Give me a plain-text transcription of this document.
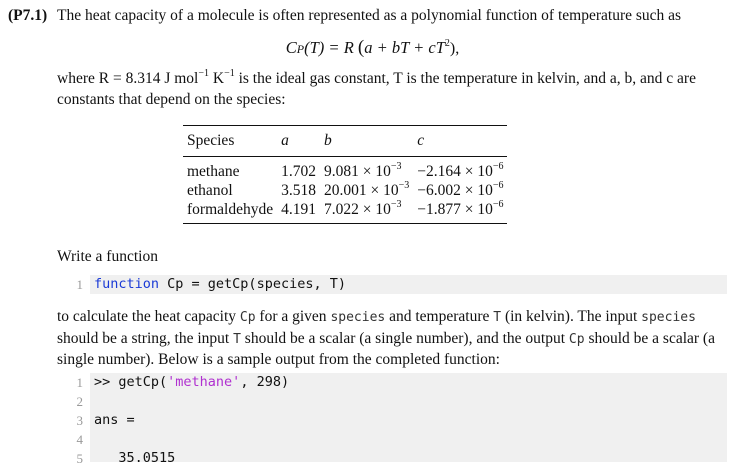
(P7.1) The heat capacity of a molecule is often represented as a polynomial function of temperature such as
CP(T) = R (a + bT + $cT^2$),
where R = 8.314 J mol$^{-1}$ $K^{-1}$ is the ideal gas constant, T is the temperature in kelvin, and a, b, and c are
constants that depend on the species:
Species	a	b	c
methane	1.702	$9.081 \times 10^{-3}$	$-2.164 \times 10^{-6}$
ethanol	3.518	$20.001 \times 10^{-3}$	$-6.002 \times 10^{-6}$
formaldehyde	4.191	$7.022 \times 10^{-3}$	$-1.877 \times 10^{-6}$
Write a function
1 function Cp = getCp(species, T)
to calculate the heat capacity Cp for a given species and temperature T (in kelvin). The input species should be a string, the input T should be a scalar (a single number), and the output Cp should be a scalar (a single number). Below is a sample output from the completed function:
1
2
3
4
5
>> getCp('methane', 298)
ans =
35.0515
